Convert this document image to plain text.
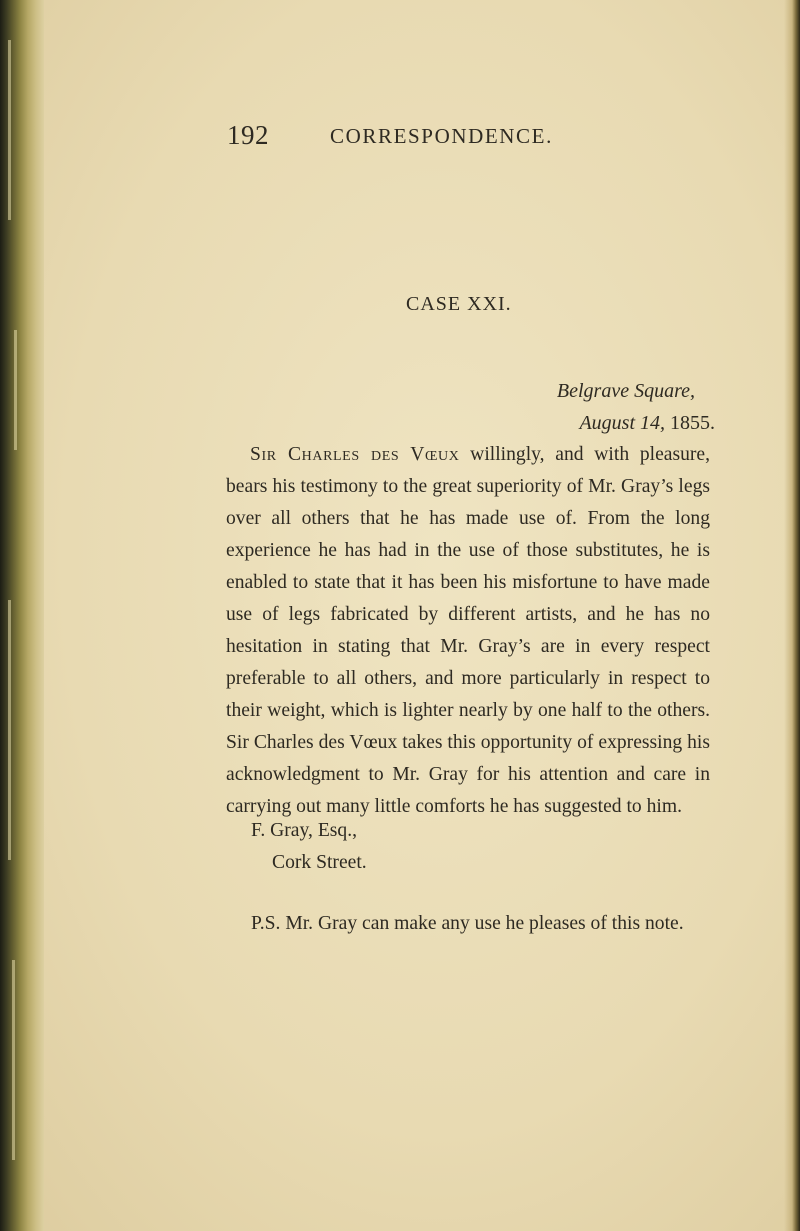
192	CORRESPONDENCE.
CASE XXI.
Belgrave Square,
August 14, 1855.

Sir Charles des Vœux willingly, and with pleasure, bears his testimony to the great superiority of Mr. Gray’s legs over all others that he has made use of. From the long experience he has had in the use of those substitutes, he is enabled to state that it has been his misfortune to have made use of legs fabricated by different artists, and he has no hesitation in stating that Mr. Gray’s are in every respect preferable to all others, and more particularly in respect to their weight, which is lighter nearly by one half to the others. Sir Charles des Vœux takes this opportunity of expressing his acknowledgment to Mr. Gray for his attention and care in carrying out many little comforts he has suggested to him.

F. Gray, Esq.,
Cork Street.
P.S. Mr. Gray can make any use he pleases of this note.
